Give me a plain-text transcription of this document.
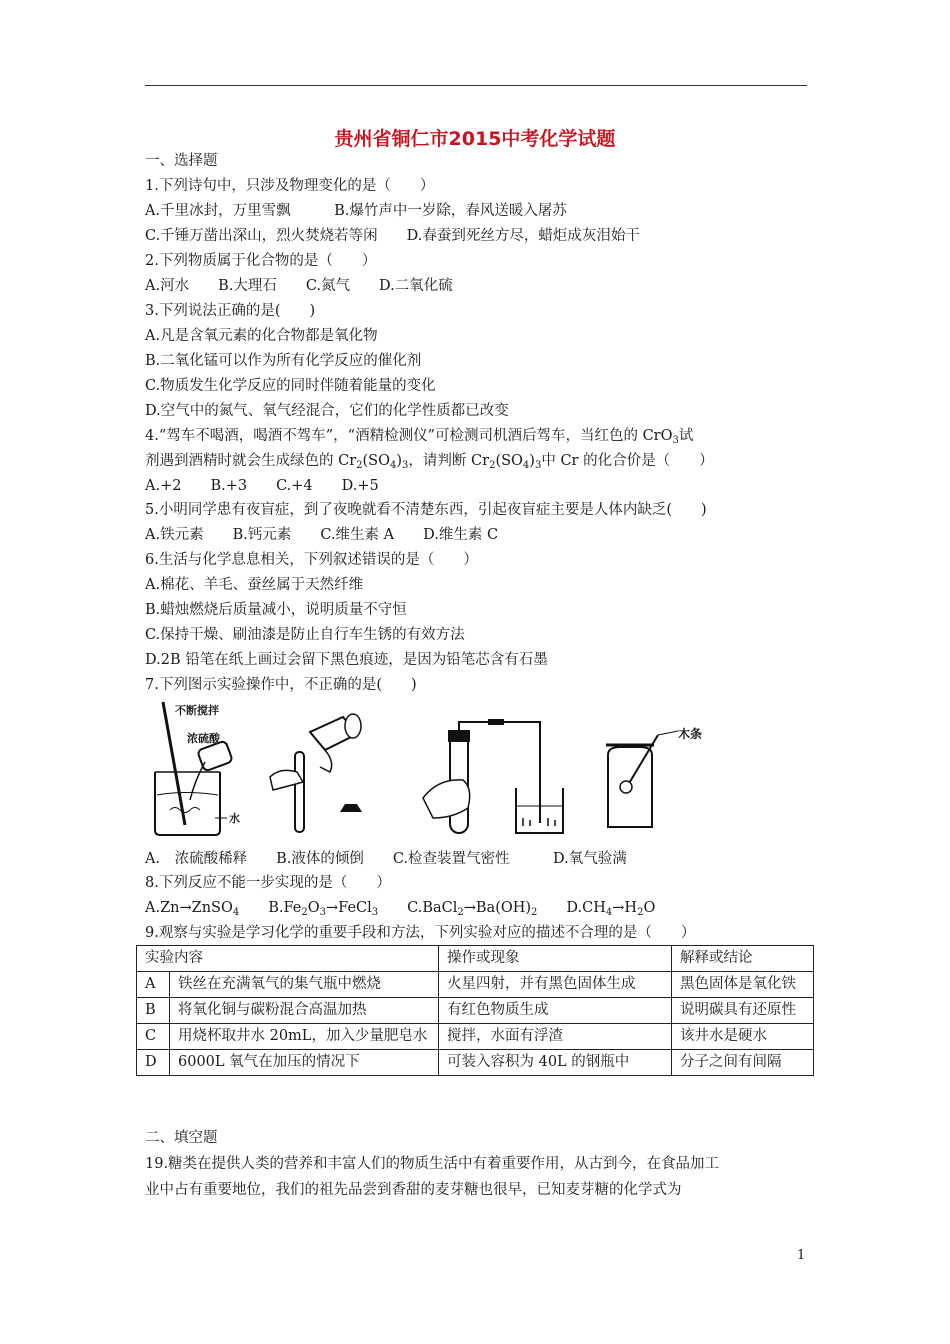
贵州省铜仁市2015中考化学试题
一、选择题
1.下列诗句中，只涉及物理变化的是（　　）
A.千里冰封，万里雪飘　　　B.爆竹声中一岁除，春风送暖入屠苏
C.千锤万凿出深山，烈火焚烧若等闲　　D.春蚕到死丝方尽，蜡炬成灰泪始干
2.下列物质属于化合物的是（　　）
A.河水　　B.大理石　　C.氮气　　D.二氧化硫
3.下列说法正确的是(　　)
A.凡是含氧元素的化合物都是氧化物
B.二氧化锰可以作为所有化学反应的催化剂
C.物质发生化学反应的同时伴随着能量的变化
D.空气中的氮气、氧气经混合，它们的化学性质都已改变
4.“驾车不喝酒，喝酒不驾车”，“酒精检测仪”可检测司机酒后驾车，当红色的 CrO$_3$试
剂遇到酒精时就会生成绿色的 $Cr_2(SO_4)_3$，请判断 $Cr_2(SO_4)_3$中 Cr 的化合价是（　　）
A.+2　　B.+3　　C.+4　　D.+5
5.小明同学患有夜盲症，到了夜晚就看不清楚东西，引起夜盲症主要是人体内缺乏(　　)
A.铁元素　　B.钙元素　　C.维生素 A　　D.维生素 C
6.生活与化学息息相关，下列叙述错误的是（　　）
A.棉花、羊毛、蚕丝属于天然纤维
B.蜡烛燃烧后质量减小，说明质量不守恒
C.保持干燥、刷油漆是防止自行车生锈的有效方法
D.2B 铅笔在纸上画过会留下黑色痕迹，是因为铅笔芯含有石墨
7.下列图示实验操作中，不正确的是(　　)
不断搅拌
浓硫酸
水
木条
A.　浓硫酸稀释　　B.液体的倾倒　　C.检查装置气密性　　　D.氧气验满
8.下列反应不能一步实现的是（　　）
A.Zn→ZnSO$_4$　　$B.Fe_2O_3\to FeCl_3$　　$C.BaCl_2\to Ba(OH)_2$　　$D.CH_4\to H_2O$
9.观察与实验是学习化学的重要手段和方法，下列实验对应的描述不合理的是（　　）
实验内容		操作或现象	解释或结论
A	铁丝在充满氧气的集气瓶中燃烧	火星四射，并有黑色固体生成	黑色固体是氧化铁
B	将氧化铜与碳粉混合高温加热	有红色物质生成	说明碳具有还原性
C	用烧杯取井水 20mL，加入少量肥皂水	搅拌，水面有浮渣	该井水是硬水
D	6000L 氧气在加压的情况下	可装入容积为 40L 的钢瓶中	分子之间有间隔
二、填空题
19.糖类在提供人类的营养和丰富人们的物质生活中有着重要作用，从古到今，在食品加工
业中占有重要地位，我们的祖先品尝到香甜的麦芽糖也很早，已知麦芽糖的化学式为
1
